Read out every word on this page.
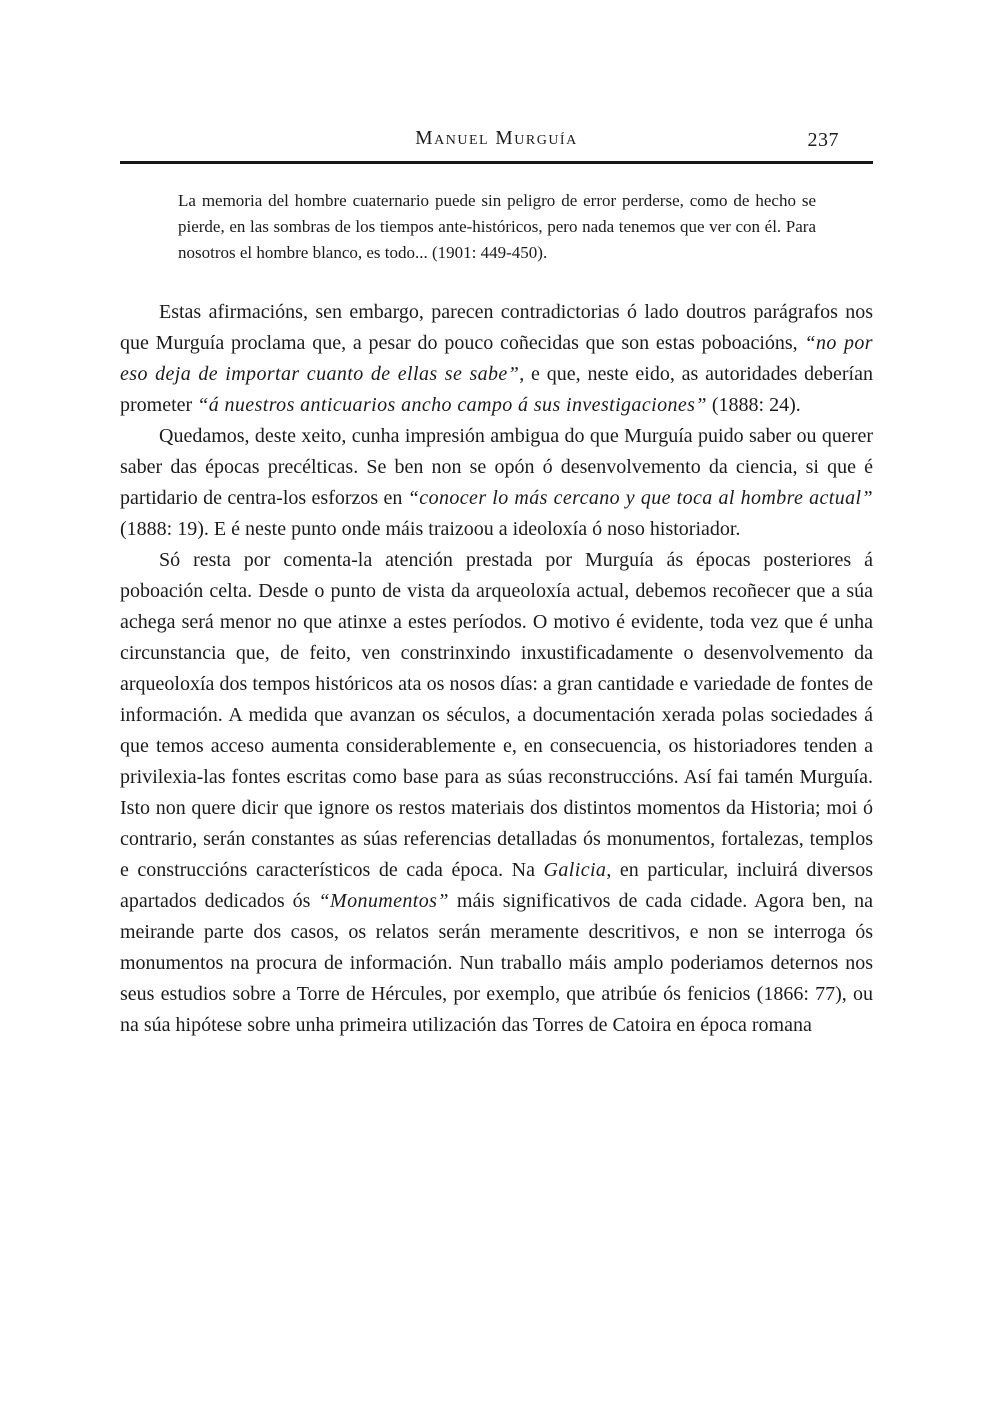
Manuel Murguía	237
La memoria del hombre cuaternario puede sin peligro de error perderse, como de hecho se pierde, en las sombras de los tiempos ante-históricos, pero nada tenemos que ver con él. Para nosotros el hombre blanco, es todo... (1901: 449-450).

Estas afirmacións, sen embargo, parecen contradictorias ó lado doutros parágrafos nos que Murguía proclama que, a pesar do pouco coñecidas que son estas poboacións, “no por eso deja de importar cuanto de ellas se sabe”, e que, neste eido, as autoridades deberían prometer “á nuestros anticuarios ancho campo á sus investigaciones” (1888: 24).

Quedamos, deste xeito, cunha impresión ambigua do que Murguía puido saber ou querer saber das épocas precélticas. Se ben non se opón ó desenvolvemento da ciencia, si que é partidario de centra-los esforzos en “conocer lo más cercano y que toca al hombre actual” (1888: 19). E é neste punto onde máis traizoou a ideoloxía ó noso historiador.

Só resta por comenta-la atención prestada por Murguía ás épocas posteriores á poboación celta. Desde o punto de vista da arqueoloxía actual, debemos recoñecer que a súa achega será menor no que atinxe a estes períodos. O motivo é evidente, toda vez que é unha circunstancia que, de feito, ven constrinxindo inxustificadamente o desenvolvemento da arqueoloxía dos tempos históricos ata os nosos días: a gran cantidade e variedade de fontes de información. A medida que avanzan os séculos, a documentación xerada polas sociedades á que temos acceso aumenta considerablemente e, en consecuencia, os historiadores tenden a privilexia-las fontes escritas como base para as súas reconstruccións. Así fai tamén Murguía. Isto non quere dicir que ignore os restos materiais dos distintos momentos da Historia; moi ó contrario, serán constantes as súas referencias detalladas ós monumentos, fortalezas, templos e construccións característicos de cada época. Na Galicia, en particular, incluirá diversos apartados dedicados ós “Monumentos” máis significativos de cada cidade. Agora ben, na meirande parte dos casos, os relatos serán meramente descritivos, e non se interroga ós monumentos na procura de información. Nun traballo máis amplo poderiamos deternos nos seus estudios sobre a Torre de Hércules, por exemplo, que atribúe ós fenicios (1866: 77), ou na súa hipótese sobre unha primeira utilización das Torres de Catoira en época romana
